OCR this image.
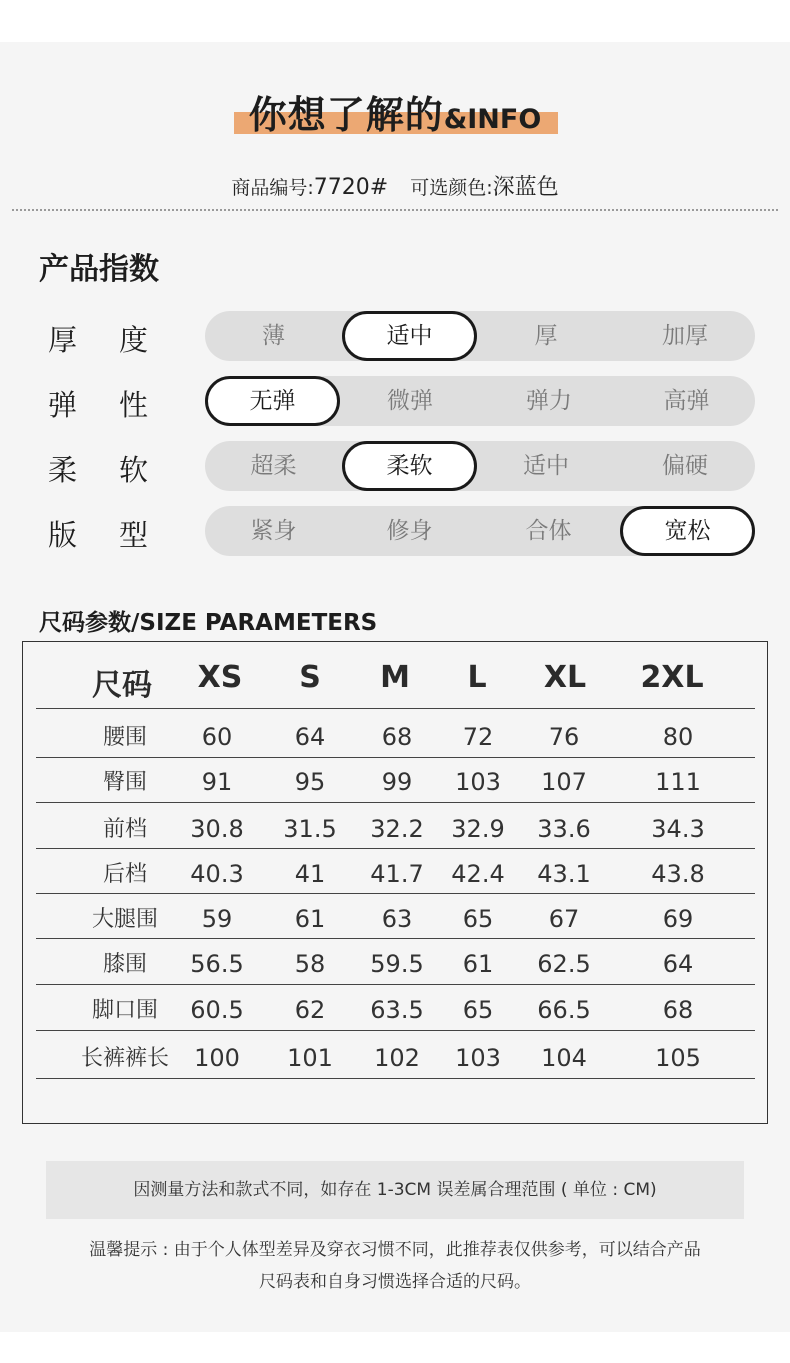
你想了解的&INFO
商品编号:7720# 可选颜色:深蓝色
产品指数
厚 度	薄	适中	厚	加厚
弹 性	无弹	微弹	弹力	高弹
柔 软	超柔	柔软	适中	偏硬
版 型	紧身	修身	合体	宽松
尺码参数/SIZE PARAMETERS
尺码	XS	S	M	L	XL	2XL
腰围	60	64	68	72	76	80
臀围	91	95	99	103	107	111
前档	30.8	31.5	32.2	32.9	33.6	34.3
后档	40.3	41	41.7	42.4	43.1	43.8
大腿围	59	61	63	65	67	69
膝围	56.5	58	59.5	61	62.5	64
脚口围	60.5	62	63.5	65	66.5	68
长裤裤长	100	101	102	103	104	105
因测量方法和款式不同，如存在 1-3CM 误差属合理范围 ( 单位 : CM)
温馨提示 : 由于个人体型差异及穿衣习惯不同，此推荐表仅供参考，可以结合产品
尺码表和自身习惯选择合适的尺码。
